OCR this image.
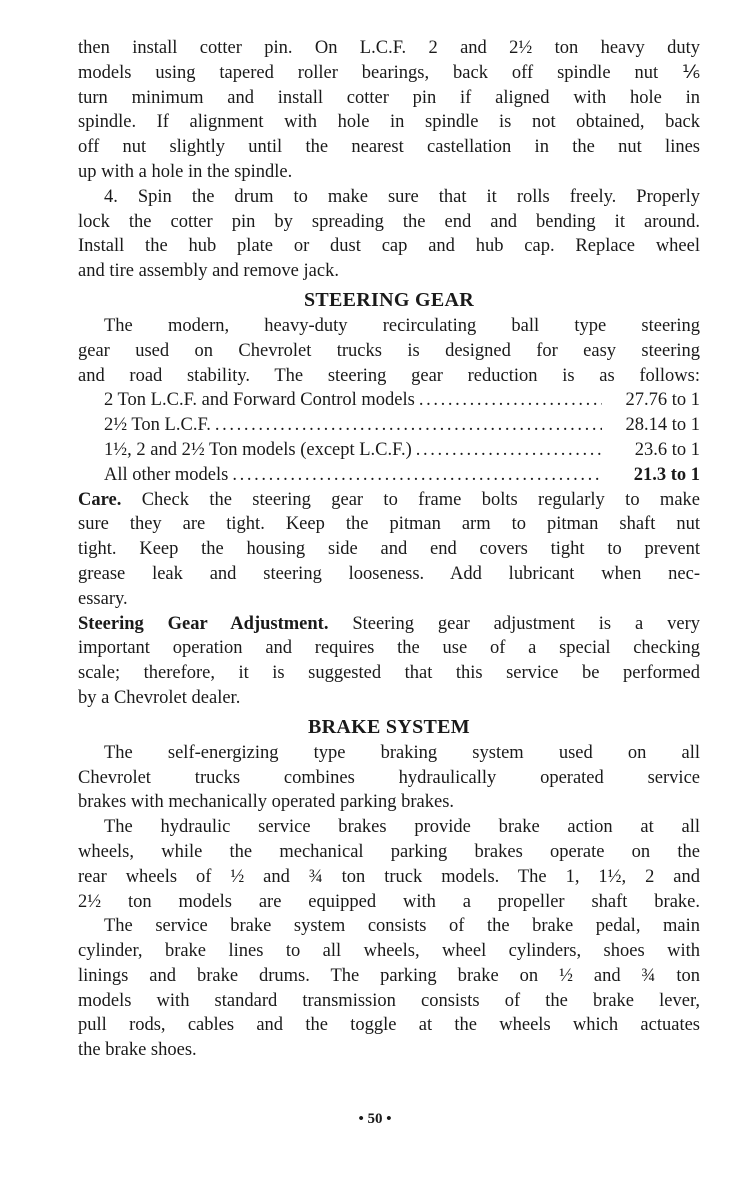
then install cotter pin. On L.C.F. 2 and 2½ ton heavy duty
models using tapered roller bearings, back off spindle nut ⅙
turn minimum and install cotter pin if aligned with hole in
spindle. If alignment with hole in spindle is not obtained, back
off nut slightly until the nearest castellation in the nut lines
up with a hole in the spindle.
4. Spin the drum to make sure that it rolls freely. Properly
lock the cotter pin by spreading the end and bending it around.
Install the hub plate or dust cap and hub cap. Replace wheel
and tire assembly and remove jack.
STEERING GEAR
The modern, heavy-duty recirculating ball type steering
gear used on Chevrolet trucks is designed for easy steering
and road stability. The steering gear reduction is as follows:
2 Ton L.C.F. and Forward Control models . . .	27.76 to 1
2½ Ton L.C.F. . . .	28.14 to 1
1½, 2 and 2½ Ton models (except L.C.F.) . . .	23.6 to 1
All other models . . .	21.3 to 1
Care. Check the steering gear to frame bolts regularly to make
sure they are tight. Keep the pitman arm to pitman shaft nut
tight. Keep the housing side and end covers tight to prevent
grease leak and steering looseness. Add lubricant when nec-
essary.
Steering Gear Adjustment. Steering gear adjustment is a very
important operation and requires the use of a special checking
scale; therefore, it is suggested that this service be performed
by a Chevrolet dealer.
BRAKE SYSTEM
The self-energizing type braking system used on all
Chevrolet trucks combines hydraulically operated service
brakes with mechanically operated parking brakes.
The hydraulic service brakes provide brake action at all
wheels, while the mechanical parking brakes operate on the
rear wheels of ½ and ¾ ton truck models. The 1, 1½, 2 and
2½ ton models are equipped with a propeller shaft brake.
The service brake system consists of the brake pedal, main
cylinder, brake lines to all wheels, wheel cylinders, shoes with
linings and brake drums. The parking brake on ½ and ¾ ton
models with standard transmission consists of the brake lever,
pull rods, cables and the toggle at the wheels which actuates
the brake shoes.
• 50 •
